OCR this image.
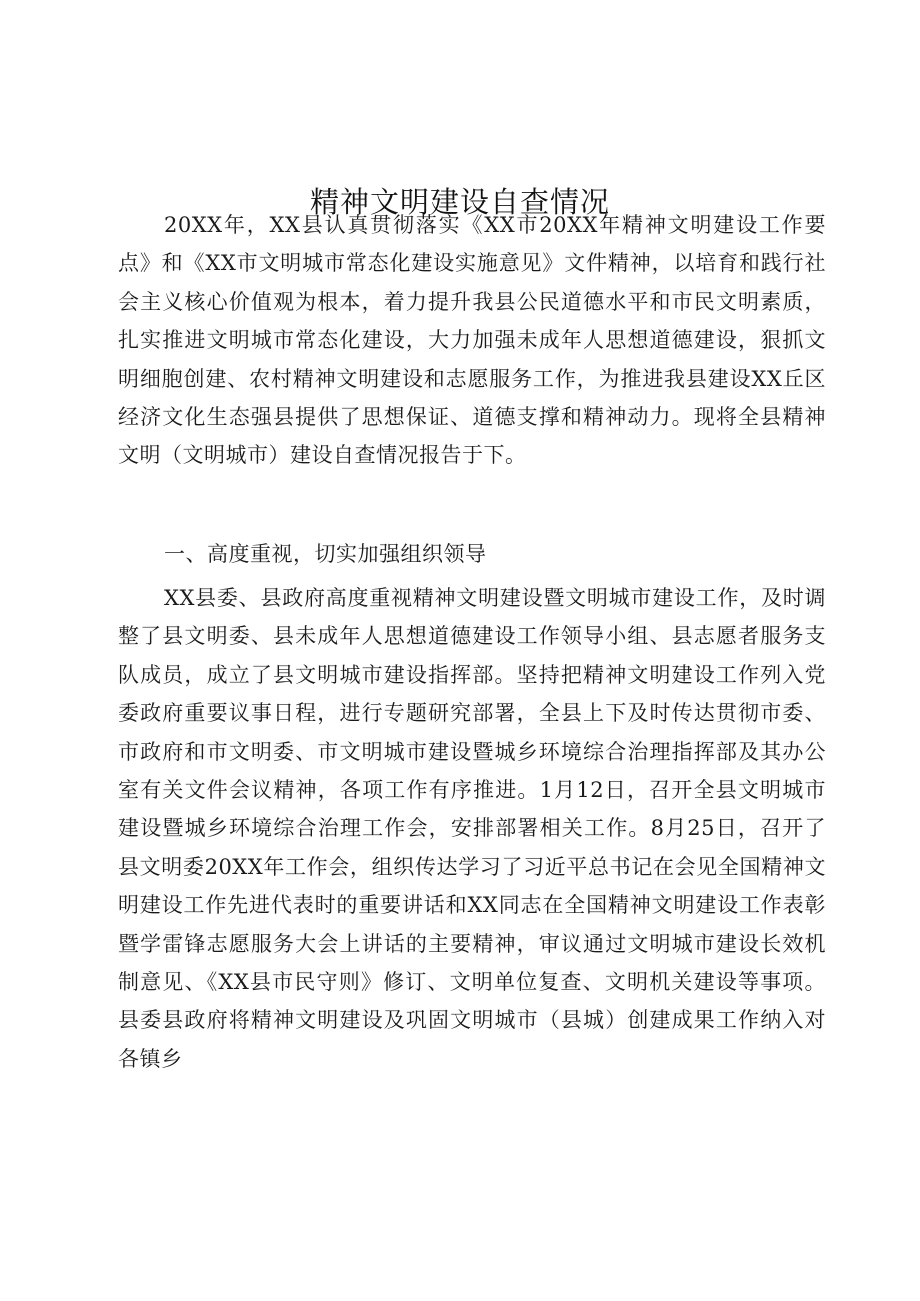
精神文明建设自查情况

20XX年，XX县认真贯彻落实《XX市20XX年精神文明建设工作要点》和《XX市文明城市常态化建设实施意见》文件精神，以培育和践行社会主义核心价值观为根本，着力提升我县公民道德水平和市民文明素质，扎实推进文明城市常态化建设，大力加强未成年人思想道德建设，狠抓文明细胞创建、农村精神文明建设和志愿服务工作，为推进我县建设XX丘区经济文化生态强县提供了思想保证、道德支撑和精神动力。现将全县精神文明（文明城市）建设自查情况报告于下。

一、高度重视，切实加强组织领导

XX县委、县政府高度重视精神文明建设暨文明城市建设工作，及时调整了县文明委、县未成年人思想道德建设工作领导小组、县志愿者服务支队成员，成立了县文明城市建设指挥部。坚持把精神文明建设工作列入党委政府重要议事日程，进行专题研究部署，全县上下及时传达贯彻市委、市政府和市文明委、市文明城市建设暨城乡环境综合治理指挥部及其办公室有关文件会议精神，各项工作有序推进。1月12日，召开全县文明城市建设暨城乡环境综合治理工作会，安排部署相关工作。8月25日，召开了县文明委20XX年工作会，组织传达学习了习近平总书记在会见全国精神文明建设工作先进代表时的重要讲话和XX同志在全国精神文明建设工作表彰暨学雷锋志愿服务大会上讲话的主要精神，审议通过文明城市建设长效机制意见、《XX县市民守则》修订、文明单位复查、文明机关建设等事项。县委县政府将精神文明建设及巩固文明城市（县城）创建成果工作纳入对各镇乡
